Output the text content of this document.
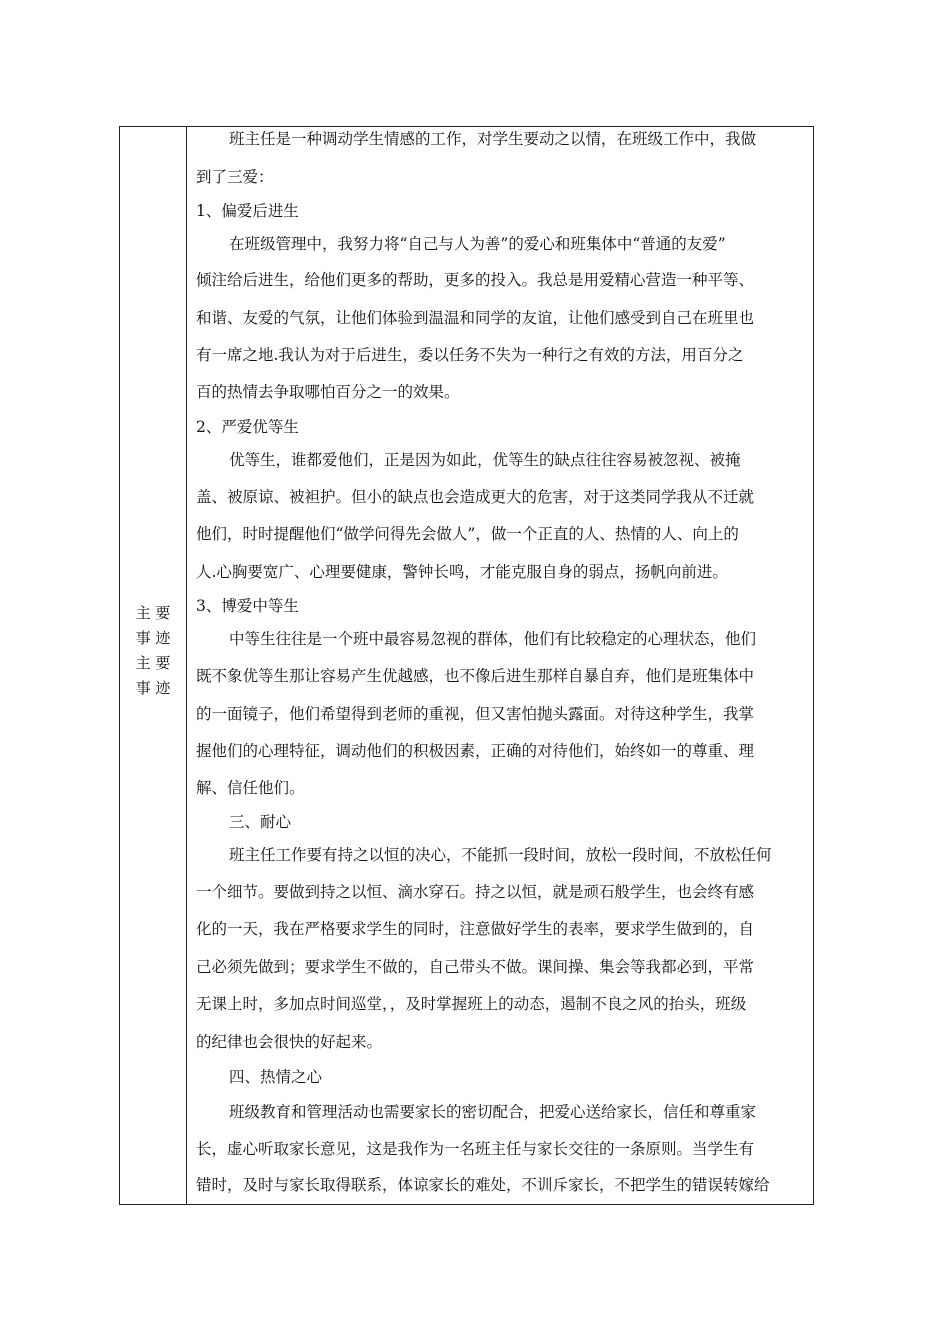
主 要
事 迹
主 要
事 迹
班主任是一种调动学生情感的工作，对学生要动之以情，在班级工作中，我做
到了三爱：
1、偏爱后进生
在班级管理中，我努力将“自己与人为善”的爱心和班集体中“普通的友爱”
倾注给后进生，给他们更多的帮助，更多的投入。我总是用爱精心营造一种平等、
和谐、友爱的气氛，让他们体验到温温和同学的友谊，让他们感受到自己在班里也
有一席之地.我认为对于后进生，委以任务不失为一种行之有效的方法，用百分之
百的热情去争取哪怕百分之一的效果。
2、严爱优等生
优等生，谁都爱他们，正是因为如此，优等生的缺点往往容易被忽视、被掩
盖、被原谅、被袒护。但小的缺点也会造成更大的危害，对于这类同学我从不迁就
他们，时时提醒他们“做学问得先会做人”，做一个正直的人、热情的人、向上的
人.心胸要宽广、心理要健康，警钟长鸣，才能克服自身的弱点，扬帆向前进。
3、博爱中等生
中等生往往是一个班中最容易忽视的群体，他们有比较稳定的心理状态，他们
既不象优等生那让容易产生优越感，也不像后进生那样自暴自弃，他们是班集体中
的一面镜子，他们希望得到老师的重视，但又害怕抛头露面。对待这种学生，我掌
握他们的心理特征，调动他们的积极因素，正确的对待他们，始终如一的尊重、理
解、信任他们。
三、耐心
班主任工作要有持之以恒的决心，不能抓一段时间，放松一段时间，不放松任何
一个细节。要做到持之以恒、滴水穿石。持之以恒，就是顽石般学生，也会终有感
化的一天，我在严格要求学生的同时，注意做好学生的表率，要求学生做到的，自
己必须先做到；要求学生不做的，自己带头不做。课间操、集会等我都必到，平常
无课上时，多加点时间巡堂，，及时掌握班上的动态，遏制不良之风的抬头，班级
的纪律也会很快的好起来。
四、热情之心
班级教育和管理活动也需要家长的密切配合，把爱心送给家长，信任和尊重家
长，虚心听取家长意见，这是我作为一名班主任与家长交往的一条原则。当学生有
错时，及时与家长取得联系，体谅家长的难处，不训斥家长，不把学生的错误转嫁给
